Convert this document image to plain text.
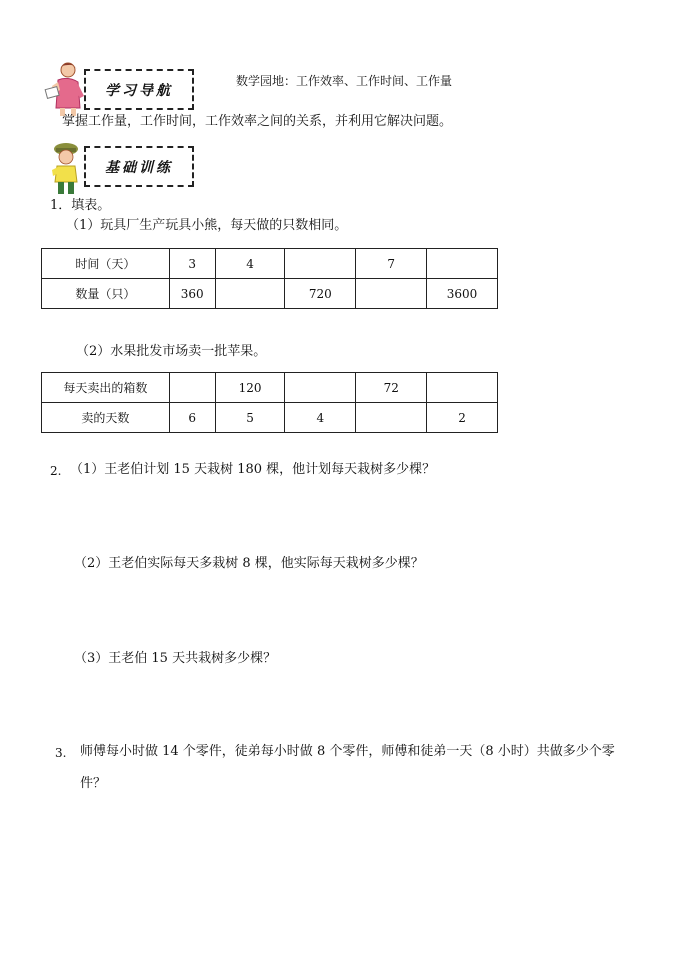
学习导航
数学园地：工作效率、工作时间、工作量
掌握工作量，工作时间，工作效率之间的关系，并利用它解决问题。
基础训练
1．填表。
（1）玩具厂生产玩具小熊，每天做的只数相同。
时间（天）	3	4		7	
数量（只）	360		720		3600
（2）水果批发市场卖一批苹果。
每天卖出的箱数		120		72	
卖的天数	6	5	4		2
2. （1）王老伯计划 15 天栽树 180 棵，他计划每天栽树多少棵？
（2）王老伯实际每天多栽树 8 棵，他实际每天栽树多少棵？
（3）王老伯 15 天共栽树多少棵？
3. 师傅每小时做 14 个零件，徒弟每小时做 8 个零件，师傅和徒弟一天（8 小时）共做多少个零
件？
